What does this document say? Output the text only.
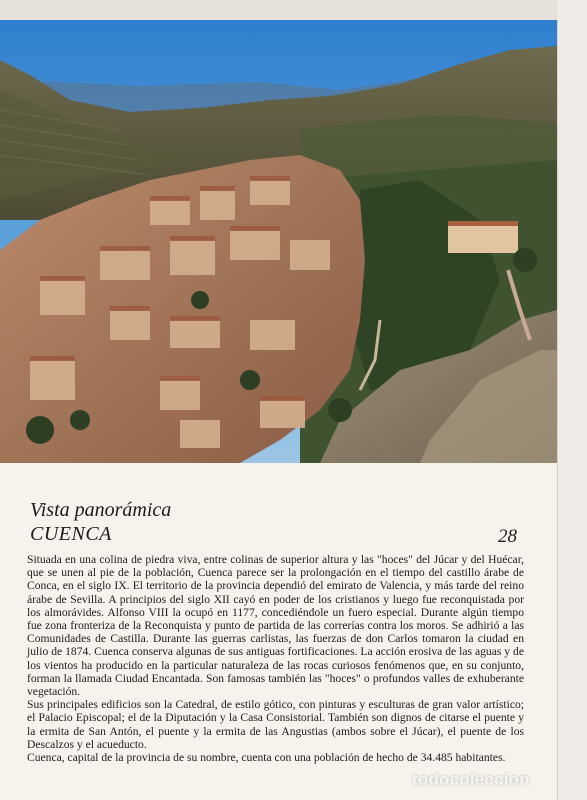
Vista panorámica
CUENCA	28

Situada en una colina de piedra viva, entre colinas de superior altura y las "hoces" del Júcar y del Huécar, que se unen al pie de la población, Cuenca parece ser la prolongación en el tiempo del castillo árabe de Conca, en el siglo IX. El territorio de la provincia dependió del emirato de Valencia, y más tarde del reino árabe de Sevilla. A principios del siglo XII cayó en poder de los cristianos y luego fue reconquistada por los almorávides. Alfonso VIII la ocupó en 1177, concediéndole un fuero especial. Durante algún tiempo fue zona fronteriza de la Reconquista y punto de partida de las correrías contra los moros. Se adhirió a las Comunidades de Castilla. Durante las guerras carlistas, las fuerzas de don Carlos tomaron la ciudad en julio de 1874. Cuenca conserva algunas de sus antiguas fortificaciones. La acción erosiva de las aguas y de los vientos ha producido en la particular naturaleza de las rocas curiosos fenómenos que, en su conjunto, forman la llamada Ciudad Encantada. Son famosas también las "hoces" o profundos valles de exhuberante vegetación.

Sus principales edificios son la Catedral, de estilo gótico, con pinturas y esculturas de gran valor artístico; el Palacio Episcopal; el de la Diputación y la Casa Consistorial. También son dignos de citarse el puente y la ermita de San Antón, el puente y la ermita de las Angustias (ambos sobre el Júcar), el puente de los Descalzos y el acueducto.

Cuenca, capital de la provincia de su nombre, cuenta con una población de hecho de 34.485 habitantes.

todocoleccion
